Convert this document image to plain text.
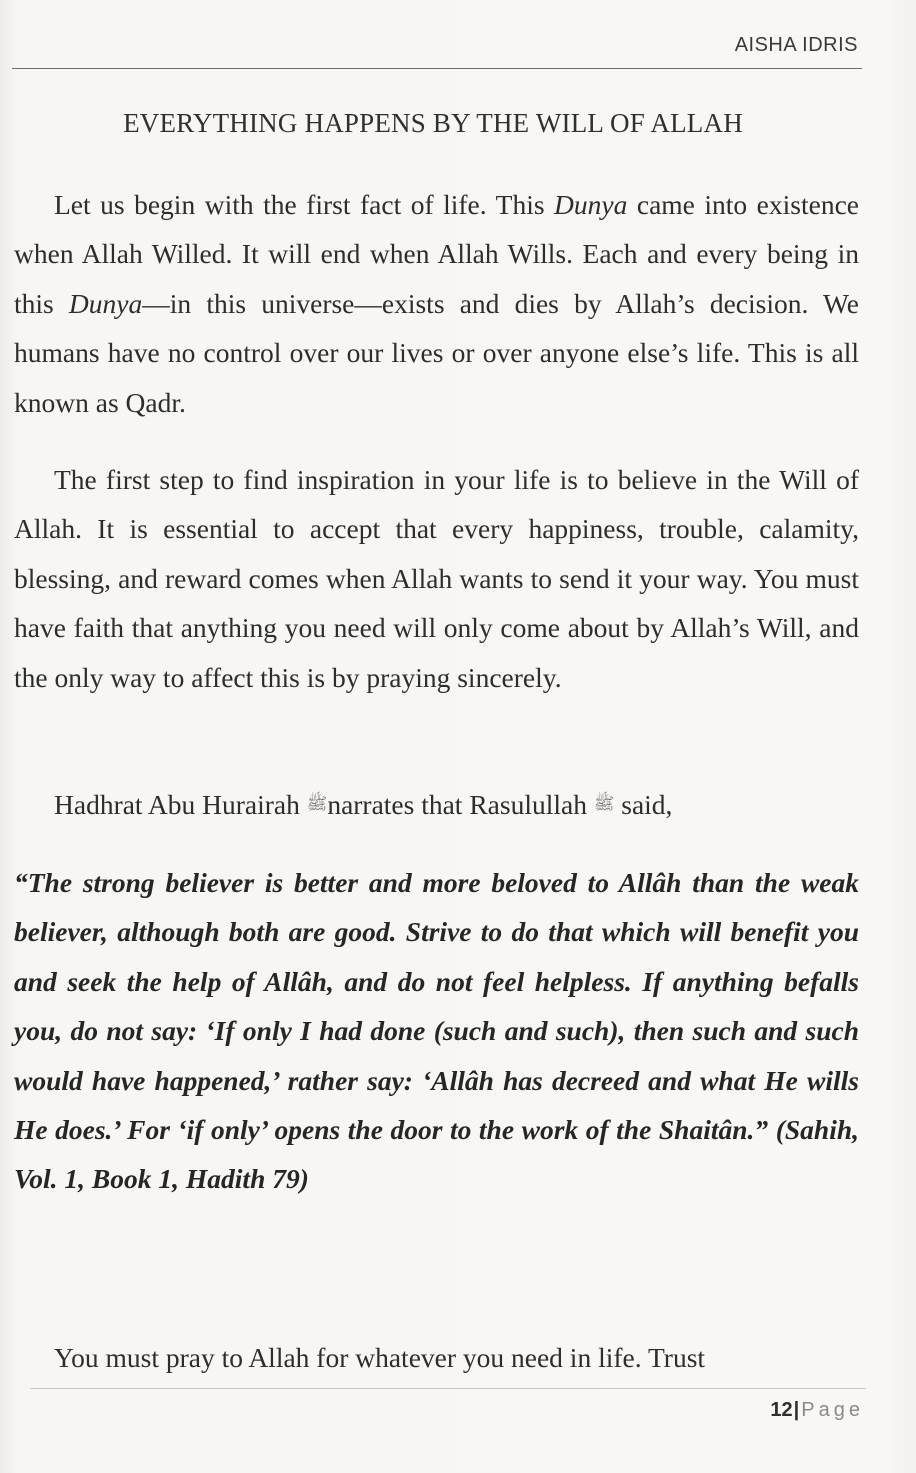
AISHA IDRIS
EVERYTHING HAPPENS BY THE WILL OF ALLAH
Let us begin with the first fact of life. This Dunya came into existence when Allah Willed. It will end when Allah Wills. Each and every being in this Dunya—in this universe—exists and dies by Allah’s decision. We humans have no control over our lives or over anyone else’s life. This is all known as Qadr.
The first step to find inspiration in your life is to believe in the Will of Allah. It is essential to accept that every happiness, trouble, calamity, blessing, and reward comes when Allah wants to send it your way. You must have faith that anything you need will only come about by Allah’s Will, and the only way to affect this is by praying sincerely.
Hadhrat Abu Hurairah ﷺnarrates that Rasulullah ﷺ said,
“The strong believer is better and more beloved to Allâh than the weak believer, although both are good. Strive to do that which will benefit you and seek the help of Allâh, and do not feel helpless. If anything befalls you, do not say: ‘If only I had done (such and such), then such and such would have happened,’ rather say: ‘Allâh has decreed and what He wills He does.’ For ‘if only’ opens the door to the work of the Shaitân.” (Sahih, Vol. 1, Book 1, Hadith 79)
You must pray to Allah for whatever you need in life. Trust
12| Page
